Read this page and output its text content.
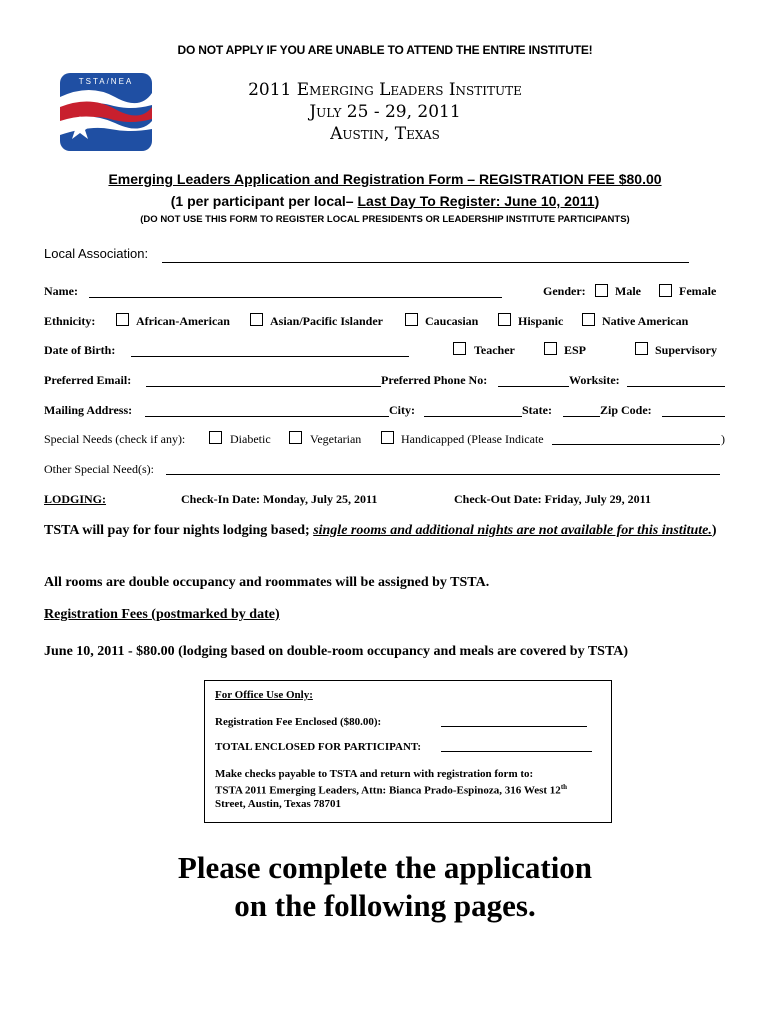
DO NOT APPLY IF YOU ARE UNABLE TO ATTEND THE ENTIRE INSTITUTE!
TSTA/NEA	2011 Emerging Leaders Institute
July 25 - 29, 2011
Austin, Texas
Emerging Leaders Application and Registration Form – REGISTRATION FEE $80.00
(1 per participant per local– Last Day To Register: June 10, 2011)
(DO NOT USE THIS FORM TO REGISTER LOCAL PRESIDENTS OR LEADERSHIP INSTITUTE PARTICIPANTS)
Local Association:
Name:	Gender: Male	Female
Ethnicity:	African-American	Asian/Pacific Islander	Caucasian	Hispanic	Native American
Date of Birth:	Teacher	ESP	Supervisory
Preferred Email:	Preferred Phone No:	Worksite:
Mailing Address:	City:	State:	Zip Code:
Special Needs (check if any):	Diabetic	Vegetarian	Handicapped (Please Indicate	)
Other Special Need(s):
LODGING:	Check-In Date: Monday, July 25, 2011	Check-Out Date: Friday, July 29, 2011
TSTA will pay for four nights lodging based; single rooms and additional nights are not available for this institute.)
All rooms are double occupancy and roommates will be assigned by TSTA.
Registration Fees (postmarked by date)
June 10, 2011 - $80.00 (lodging based on double-room occupancy and meals are covered by TSTA)
For Office Use Only:
Registration Fee Enclosed ($80.00):
TOTAL ENCLOSED FOR PARTICIPANT:
Make checks payable to TSTA and return with registration form to:
TSTA 2011 Emerging Leaders, Attn: Bianca Prado-Espinoza, 316 West 12th
Street, Austin, Texas 78701
Please complete the application
on the following pages.
